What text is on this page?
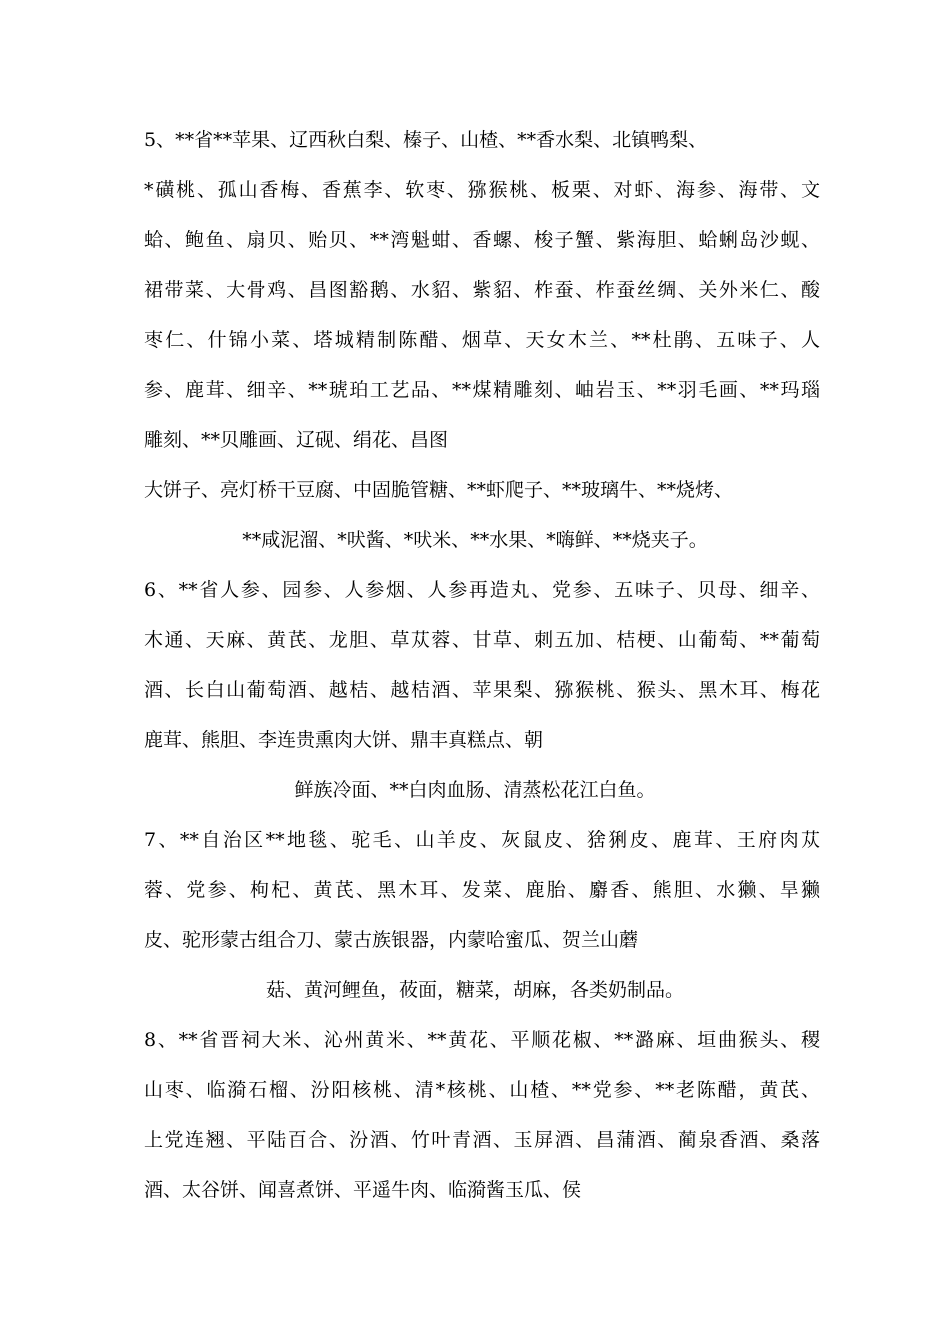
5、**省**苹果、辽西秋白梨、榛子、山楂、**香水梨、北镇鸭梨、
*磺桃、孤山香梅、香蕉李、软枣、猕猴桃、板栗、对虾、海参、海带、文
蛤、鲍鱼、扇贝、贻贝、**湾魁蚶、香螺、梭子蟹、紫海胆、蛤蜊岛沙蚬、
裙带菜、大骨鸡、昌图豁鹅、水貂、紫貂、柞蚕、柞蚕丝绸、关外米仁、酸
枣仁、什锦小菜、塔城精制陈醋、烟草、天女木兰、**杜鹃、五味子、人
参、鹿茸、细辛、**琥珀工艺品、**煤精雕刻、岫岩玉、**羽毛画、**玛瑙
雕刻、**贝雕画、辽砚、绢花、昌图
大饼子、亮灯桥干豆腐、中固脆管糖、**虾爬子、**玻璃牛、**烧烤、
**咸泥溜、*吠酱、*吠米、**水果、*嗨鲜、**烧夹子。
6、**省人参、园参、人参烟、人参再造丸、党参、五味子、贝母、细辛、
木通、天麻、黄芪、龙胆、草苁蓉、甘草、刺五加、桔梗、山葡萄、**葡萄
酒、长白山葡萄酒、越桔、越桔酒、苹果梨、猕猴桃、猴头、黑木耳、梅花
鹿茸、熊胆、李连贵熏肉大饼、鼎丰真糕点、朝
鲜族冷面、**白肉血肠、清蒸松花江白鱼。
7、**自治区**地毯、驼毛、山羊皮、灰鼠皮、猞猁皮、鹿茸、王府肉苁
蓉、党参、枸杞、黄芪、黑木耳、发菜、鹿胎、麝香、熊胆、水獭、旱獭
皮、驼形蒙古组合刀、蒙古族银器，内蒙哈蜜瓜、贺兰山蘑
菇、黄河鲤鱼，莜面，糖菜，胡麻，各类奶制品。
8、**省晋祠大米、沁州黄米、**黄花、平顺花椒、**潞麻、垣曲猴头、稷
山枣、临漪石榴、汾阳核桃、清*核桃、山楂、**党参、**老陈醋，黄芪、
上党连翘、平陆百合、汾酒、竹叶青酒、玉屏酒、昌蒲酒、蔺泉香酒、桑落
酒、太谷饼、闻喜煮饼、平遥牛肉、临漪酱玉瓜、侯
